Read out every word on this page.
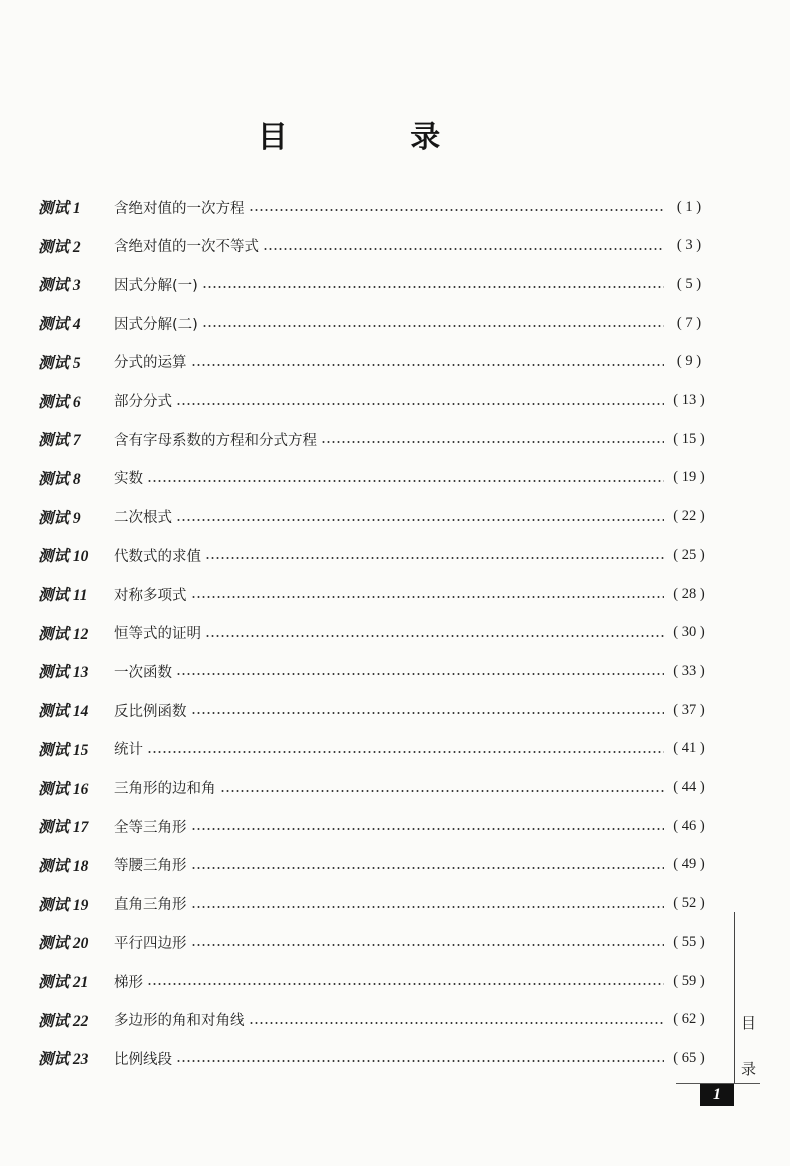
目 录
测试 1	含绝对值的一次方程	( 1 )
测试 2	含绝对值的一次不等式	( 3 )
测试 3	因式分解(一)	( 5 )
测试 4	因式分解(二)	( 7 )
测试 5	分式的运算	( 9 )
测试 6	部分分式	( 13 )
测试 7	含有字母系数的方程和分式方程	( 15 )
测试 8	实数	( 19 )
测试 9	二次根式	( 22 )
测试 10	代数式的求值	( 25 )
测试 11	对称多项式	( 28 )
测试 12	恒等式的证明	( 30 )
测试 13	一次函数	( 33 )
测试 14	反比例函数	( 37 )
测试 15	统计	( 41 )
测试 16	三角形的边和角	( 44 )
测试 17	全等三角形	( 46 )
测试 18	等腰三角形	( 49 )
测试 19	直角三角形	( 52 )
测试 20	平行四边形	( 55 )
测试 21	梯形	( 59 )
测试 22	多边形的角和对角线	( 62 )
测试 23	比例线段	( 65 )
目
录
1
